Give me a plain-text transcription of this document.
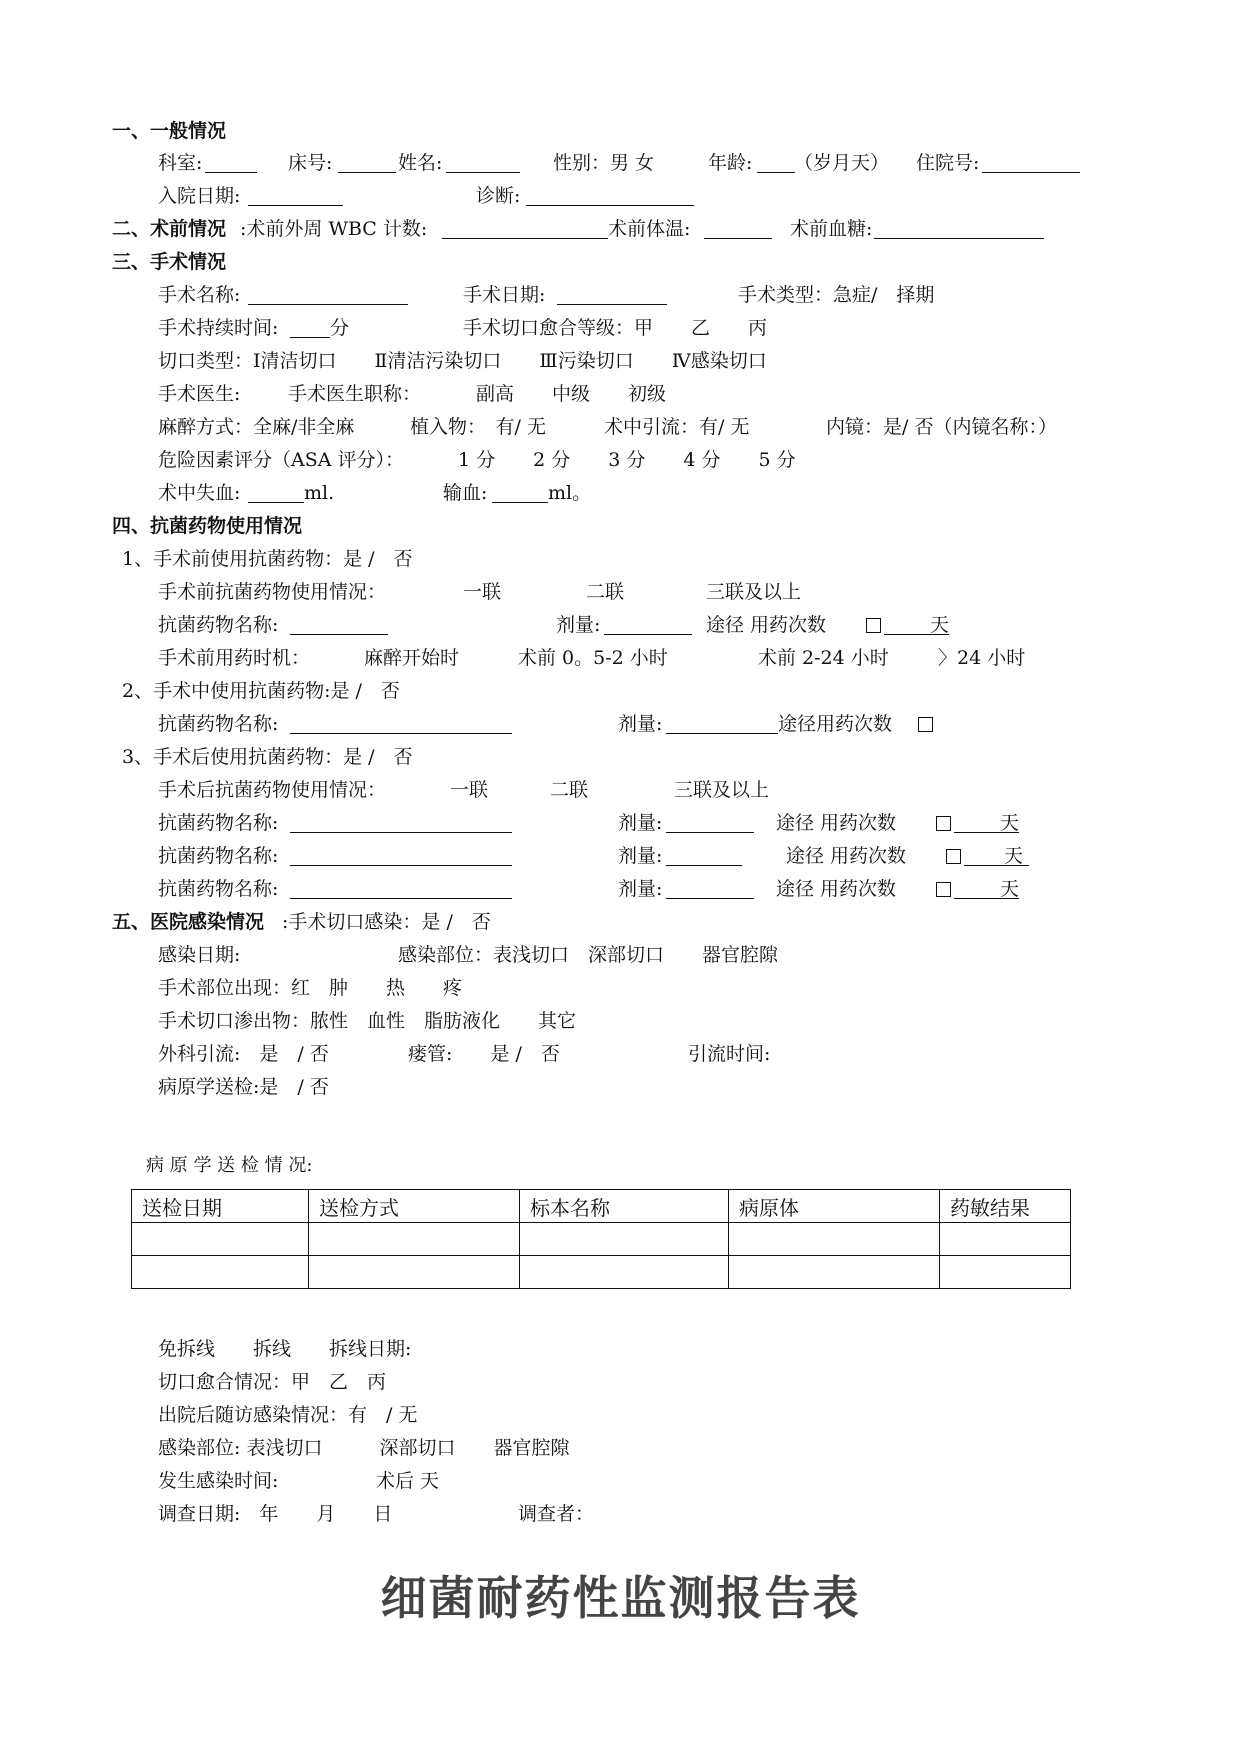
一、一般情况
科室:	床号:	姓名:	性别：男 女	年龄: （岁月天） 住院号:
入院日期:	诊断:
二、术前情况 :术前外周 WBC 计数:	术前体温:	术前血糖:
三、手术情况
手术名称:	手术日期:	手术类型：急症/　择期
手术持续时间:	分	手术切口愈合等级：甲　　乙　　丙
切口类型：Ⅰ清洁切口　　Ⅱ清洁污染切口　　Ⅲ污染切口　　Ⅳ感染切口
手术医生:	手术医生职称：	副高　　中级　　初级
麻醉方式：全麻/非全麻	植入物：　有/ 无	术中引流：有/ 无	内镜：是/ 否（内镜名称：）
危险因素评分（ASA 评分）：	1 分　　2 分　　3 分　　4 分　　5 分
术中失血:	ml.	输血:	ml。
四、抗菌药物使用情况
1、手术前使用抗菌药物：是 /　否
手术前抗菌药物使用情况：	一联	二联	三联及以上
抗菌药物名称:	剂量:	途径 用药次数	天
手术前用药时机：	麻醉开始时	术前 0。5-2 小时	术前 2-24 小时	〉24 小时
2、手术中使用抗菌药物:是 /　否
抗菌药物名称:	剂量:	途径用药次数
3、手术后使用抗菌药物：是 /　否
手术后抗菌药物使用情况：	一联	二联	三联及以上
抗菌药物名称:	剂量:	途径 用药次数	天
抗菌药物名称:	剂量:	途径 用药次数	天
抗菌药物名称:	剂量:	途径 用药次数	天
五、医院感染情况 :手术切口感染：是 /　否
感染日期:	感染部位：表浅切口　深部切口　　器官腔隙
手术部位出现：红　肿　　热　　疼
手术切口渗出物：脓性　血性　脂肪液化　　其它
外科引流:　是　/ 否	瘘管:　　是 /　否	引流时间:
病原学送检:是　/ 否
病 原 学 送 检 情 况:
送检日期	送检方式	标本名称	病原体	药敏结果

免拆线　　拆线　　拆线日期:
切口愈合情况：甲　乙　丙
出院后随访感染情况：有　/ 无
感染部位: 表浅切口　　　深部切口　　器官腔隙
发生感染时间:	术后 天
调查日期:　年　　月　　日	调查者：
细菌耐药性监测报告表
